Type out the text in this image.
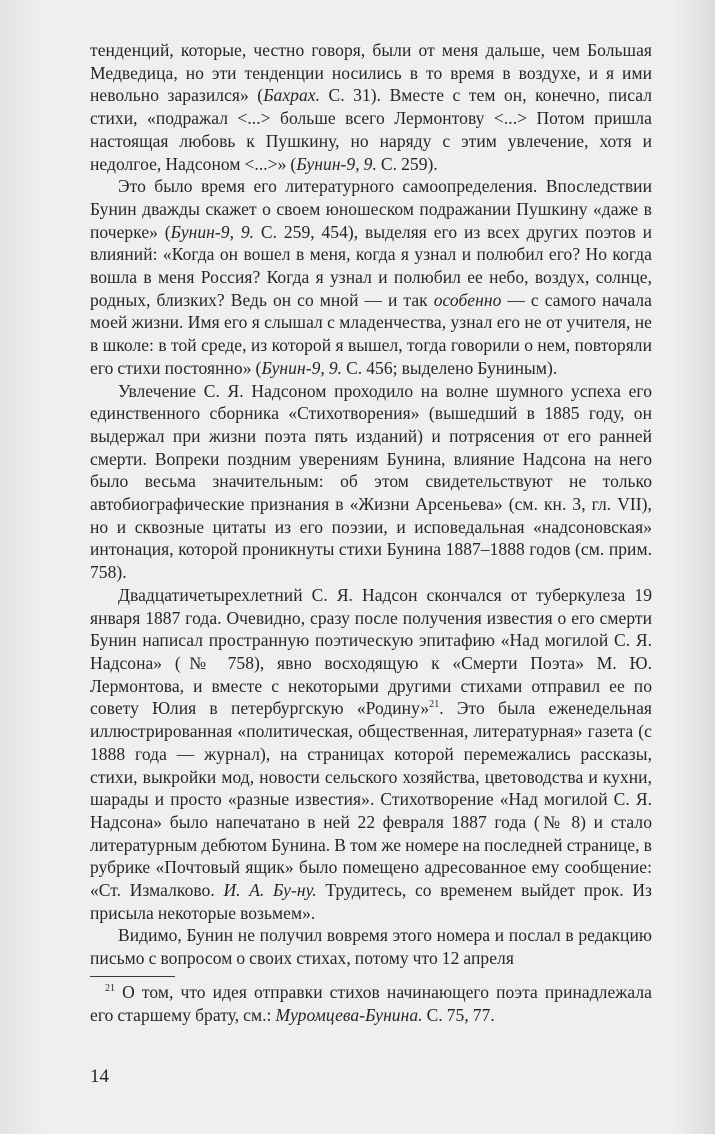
тенденций, которые, честно говоря, были от меня дальше, чем Большая Медведица, но эти тенденции носились в то время в воздухе, и я ими невольно заразился» (Бахрах. С. 31). Вместе с тем он, конечно, писал стихи, «подражал <...> больше всего Лермонтову <...> Потом пришла настоящая любовь к Пушкину, но наряду с этим увлечение, хотя и недолгое, Надсоном <...>» (Бунин-9, 9. С. 259).

Это было время его литературного самоопределения. Впоследствии Бунин дважды скажет о своем юношеском подражании Пушкину «даже в почерке» (Бунин-9, 9. С. 259, 454), выделяя его из всех других поэтов и влияний: «Когда он вошел в меня, когда я узнал и полюбил его? Но когда вошла в меня Россия? Когда я узнал и полюбил ее небо, воздух, солнце, родных, близких? Ведь он со мной — и так особенно — с самого начала моей жизни. Имя его я слышал с младенчества, узнал его не от учителя, не в школе: в той среде, из которой я вышел, тогда говорили о нем, повторяли его стихи постоянно» (Бунин-9, 9. С. 456; выделено Буниным).

Увлечение С. Я. Надсоном проходило на волне шумного успеха его единственного сборника «Стихотворения» (вышедший в 1885 году, он выдержал при жизни поэта пять изданий) и потрясения от его ранней смерти. Вопреки поздним уверениям Бунина, влияние Надсона на него было весьма значительным: об этом свидетельствуют не только автобиографические признания в «Жизни Арсеньева» (см. кн. 3, гл. VII), но и сквозные цитаты из его поэзии, и исповедальная «надсоновская» интонация, которой проникнуты стихи Бунина 1887–1888 годов (см. прим. 758).

Двадцатичетырехлетний С. Я. Надсон скончался от туберкулеза 19 января 1887 года. Очевидно, сразу после получения известия о его смерти Бунин написал пространную поэтическую эпитафию «Над могилой С. Я. Надсона» (№ 758), явно восходящую к «Смерти Поэта» М. Ю. Лермонтова, и вместе с некоторыми другими стихами отправил ее по совету Юлия в петербургскую «Родину»$^{21}$. Это была еженедельная иллюстрированная «политическая, общественная, литературная» газета (с 1888 года — журнал), на страницах которой перемежались рассказы, стихи, выкройки мод, новости сельского хозяйства, цветоводства и кухни, шарады и просто «разные известия». Стихотворение «Над могилой С. Я. Надсона» было напечатано в ней 22 февраля 1887 года (№ 8) и стало литературным дебютом Бунина. В том же номере на последней странице, в рубрике «Почтовый ящик» было помещено адресованное ему сообщение: «Ст. Измалково. И. А. Бу-ну. Трудитесь, со временем выйдет прок. Из присыла некоторые возьмем».

Видимо, Бунин не получил вовремя этого номера и послал в редакцию письмо с вопросом о своих стихах, потому что 12 апреля

$^{21}$ О том, что идея отправки стихов начинающего поэта принадлежала его старшему брату, см.: Муромцева-Бунина. С. 75, 77.

14
